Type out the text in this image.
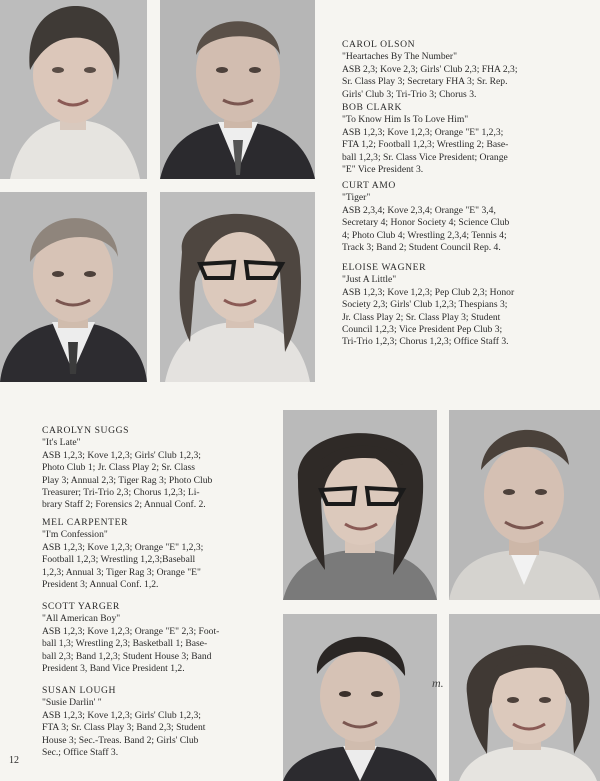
CAROL OLSON
"Heartaches By The Number"
ASB 2,3; Kove 2,3; Girls' Club 2,3; FHA 2,3;
Sr. Class Play 3; Secretary FHA 3; Sr. Rep.
Girls' Club 3; Tri-Trio 3; Chorus 3.
BOB CLARK
"To Know Him Is To Love Him"
ASB 1,2,3; Kove 1,2,3; Orange "E" 1,2,3;
FTA 1,2; Football 1,2,3; Wrestling 2; Base-
ball 1,2,3; Sr. Class Vice President; Orange
"E" Vice President 3.
CURT AMO
"Tiger"
ASB 2,3,4; Kove 2,3,4; Orange "E" 3,4,
Secretary 4; Honor Society 4; Science Club
4; Photo Club 4; Wrestling 2,3,4; Tennis 4;
Track 3; Band 2; Student Council Rep. 4.
ELOISE WAGNER
"Just A Little"
ASB 1,2,3; Kove 1,2,3; Pep Club 2,3; Honor
Society 2,3; Girls' Club 1,2,3; Thespians 3;
Jr. Class Play 2; Sr. Class Play 3; Student
Council 1,2,3; Vice President Pep Club 3;
Tri-Trio 1,2,3; Chorus 1,2,3; Office Staff 3.
CAROLYN SUGGS
"It's Late"
ASB 1,2,3; Kove 1,2,3; Girls' Club 1,2,3;
Photo Club 1; Jr. Class Play 2; Sr. Class
Play 3; Annual 2,3; Tiger Rag 3; Photo Club
Treasurer; Tri-Trio 2,3; Chorus 1,2,3; Li-
brary Staff 2; Forensics 2; Annual Conf. 2.
MEL CARPENTER
"I'm Confession"
ASB 1,2,3; Kove 1,2,3; Orange "E" 1,2,3;
Football 1,2,3; Wrestling 1,2,3;Baseball
1,2,3; Annual 3; Tiger Rag 3; Orange "E"
President 3; Annual Conf. 1,2.
SCOTT YARGER
"All American Boy"
ASB 1,2,3; Kove 1,2,3; Orange "E" 2,3; Foot-
ball 1,3; Wrestling 2,3; Basketball 1; Base-
ball 2,3; Band 1,2,3; Student House 3; Band
President 3, Band Vice President 1,2.
SUSAN LOUGH
"Susie Darlin' "
ASB 1,2,3; Kove 1,2,3; Girls' Club 1,2,3;
FTA 3; Sr. Class Play 3; Band 2,3; Student
House 3; Sec.-Treas. Band 2; Girls' Club
Sec.; Office Staff 3.
m.
12
